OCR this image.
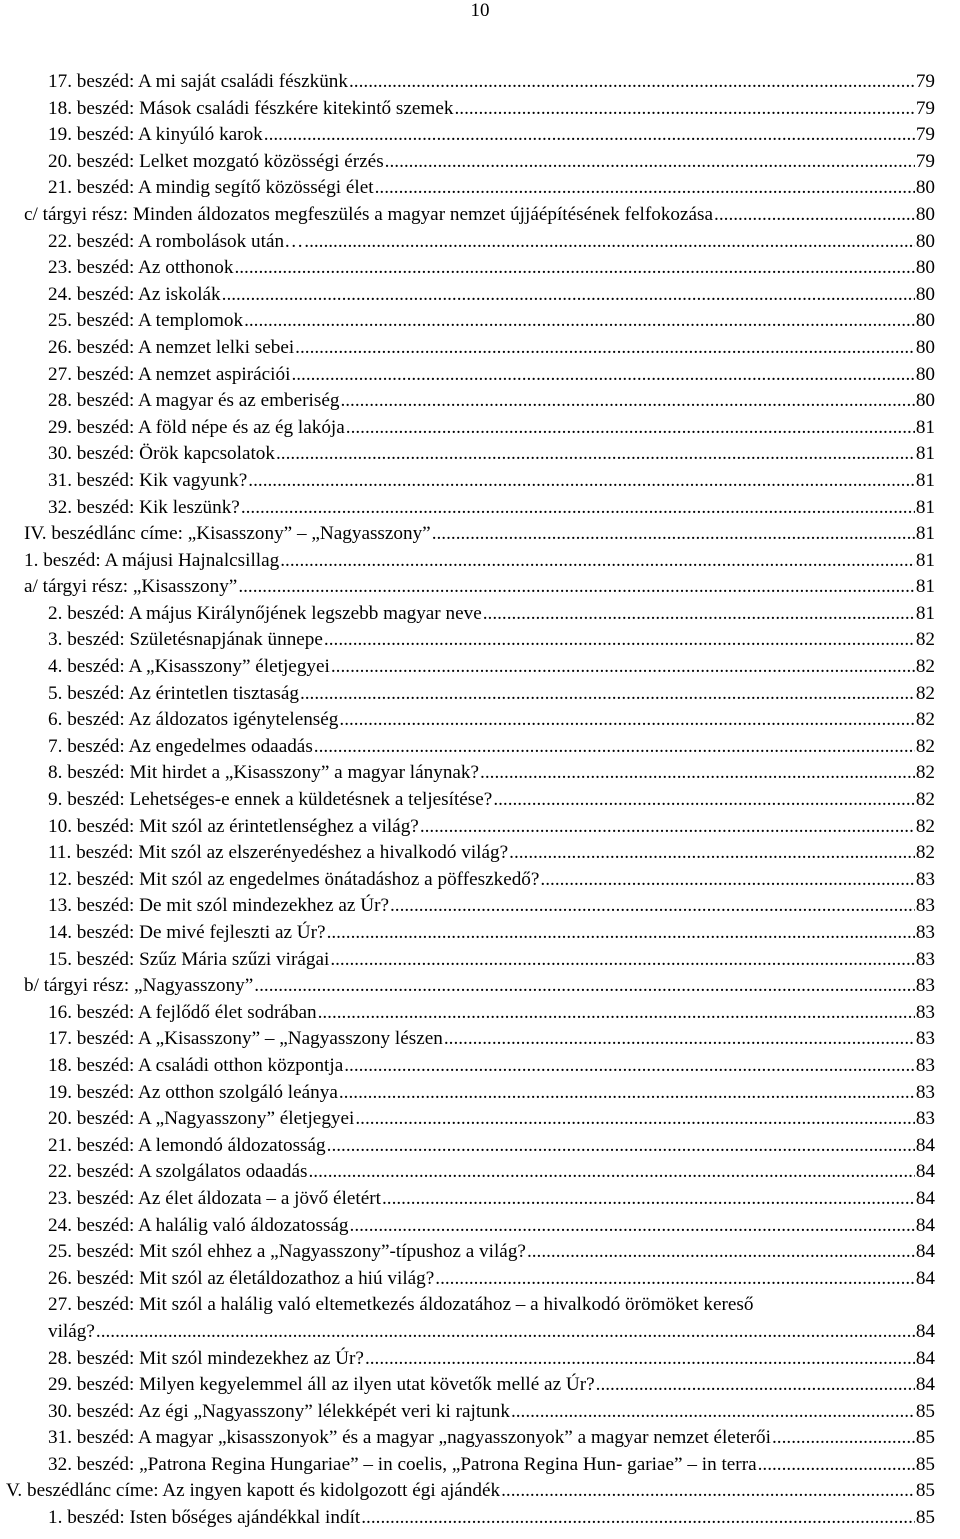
10
17. beszéd: A mi saját családi fészkünk .....	79
18. beszéd: Mások családi fészkére kitekintő szemek .....	79
19. beszéd: A kinyúló karok .....	79
20. beszéd: Lelket mozgató közösségi érzés .....	79
21. beszéd: A mindig segítő közösségi élet .....	80
c/ tárgyi rész: Minden áldozatos megfeszülés a magyar nemzet újjáépítésének felfokozása .....	80
22. beszéd: A rombolások után… .....	80
23. beszéd: Az otthonok .....	80
24. beszéd: Az iskolák .....	80
25. beszéd: A templomok .....	80
26. beszéd: A nemzet lelki sebei .....	80
27. beszéd: A nemzet aspirációi .....	80
28. beszéd: A magyar és az emberiség .....	80
29. beszéd: A föld népe és az ég lakója .....	81
30. beszéd: Örök kapcsolatok .....	81
31. beszéd: Kik vagyunk? .....	81
32. beszéd: Kik leszünk? .....	81
IV. beszédlánc címe: „Kisasszony” – „Nagyasszony” .....	81
1. beszéd: A májusi Hajnalcsillag .....	81
a/ tárgyi rész: „Kisasszony” .....	81
2. beszéd: A május Királynőjének legszebb magyar neve .....	81
3. beszéd: Születésnapjának ünnepe .....	82
4. beszéd: A „Kisasszony” életjegyei .....	82
5. beszéd: Az érintetlen tisztaság .....	82
6. beszéd: Az áldozatos igénytelenség .....	82
7. beszéd: Az engedelmes odaadás .....	82
8. beszéd: Mit hirdet a „Kisasszony” a magyar lánynak? .....	82
9. beszéd: Lehetséges-e ennek a küldetésnek a teljesítése? .....	82
10. beszéd: Mit szól az érintetlenséghez a világ? .....	82
11. beszéd: Mit szól az elszerényedéshez a hivalkodó világ? .....	82
12. beszéd: Mit szól az engedelmes önátadáshoz a pöffeszkedő? .....	83
13. beszéd: De mit szól mindezekhez az Úr? .....	83
14. beszéd: De mivé fejleszti az Úr? .....	83
15. beszéd: Szűz Mária szűzi virágai .....	83
b/ tárgyi rész: „Nagyasszony” .....	83
16. beszéd: A fejlődő élet sodrában .....	83
17. beszéd: A „Kisasszony” – „Nagyasszony lészen .....	83
18. beszéd: A családi otthon központja .....	83
19. beszéd: Az otthon szolgáló leánya .....	83
20. beszéd: A „Nagyasszony” életjegyei .....	83
21. beszéd: A lemondó áldozatosság .....	84
22. beszéd: A szolgálatos odaadás .....	84
23. beszéd: Az élet áldozata – a jövő életért .....	84
24. beszéd: A halálig való áldozatosság .....	84
25. beszéd: Mit szól ehhez a „Nagyasszony”-típushoz a világ? .....	84
26. beszéd: Mit szól az életáldozathoz a hiú világ? .....	84
27. beszéd: Mit szól a halálig való eltemetkezés áldozatához – a hivalkodó örömöket kereső
világ? .....	84
28. beszéd: Mit szól mindezekhez az Úr? .....	84
29. beszéd: Milyen kegyelemmel áll az ilyen utat követők mellé az Úr? .....	84
30. beszéd: Az égi „Nagyasszony” lélekképét veri ki rajtunk .....	85
31. beszéd: A magyar „kisasszonyok” és a magyar „nagyasszonyok” a magyar nemzet életerői .....	85
32. beszéd: „Patrona Regina Hungariae” – in coelis, „Patrona Regina Hun- gariae” – in terra .....	85
V. beszédlánc címe: Az ingyen kapott és kidolgozott égi ajándék .....	85
1. beszéd: Isten bőséges ajándékkal indít .....	85
